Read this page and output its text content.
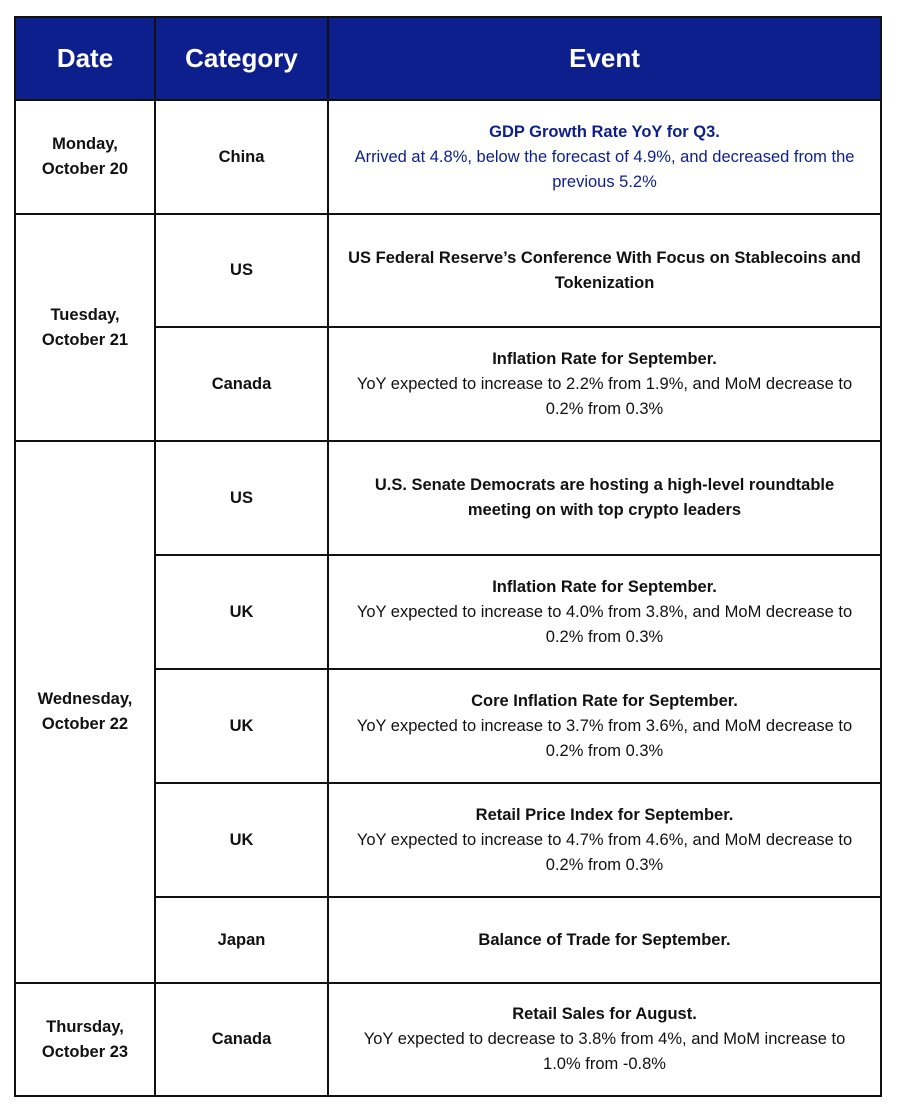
Date	Category	Event
Monday,
October 20	China	GDP Growth Rate YoY for Q3.
Arrived at 4.8%, below the forecast of 4.9%, and decreased from the previous 5.2%

Tuesday,
October 21	US	US Federal Reserve’s Conference With Focus on Stablecoins and Tokenization

	Canada	Inflation Rate for September.
YoY expected to increase to 2.2% from 1.9%, and MoM decrease to 0.2% from 0.3%

Wednesday,
October 22	US	U.S. Senate Democrats are hosting a high-level roundtable meeting on with top crypto leaders

	UK	Inflation Rate for September.
YoY expected to increase to 4.0% from 3.8%, and MoM decrease to 0.2% from 0.3%

	UK	Core Inflation Rate for September.
YoY expected to increase to 3.7% from 3.6%, and MoM decrease to 0.2% from 0.3%

	UK	Retail Price Index for September.
YoY expected to increase to 4.7% from 4.6%, and MoM decrease to 0.2% from 0.3%

	Japan	Balance of Trade for September.

Thursday,
October 23	Canada	Retail Sales for August.
YoY expected to decrease to 3.8% from 4%, and MoM increase to 1.0% from -0.8%
